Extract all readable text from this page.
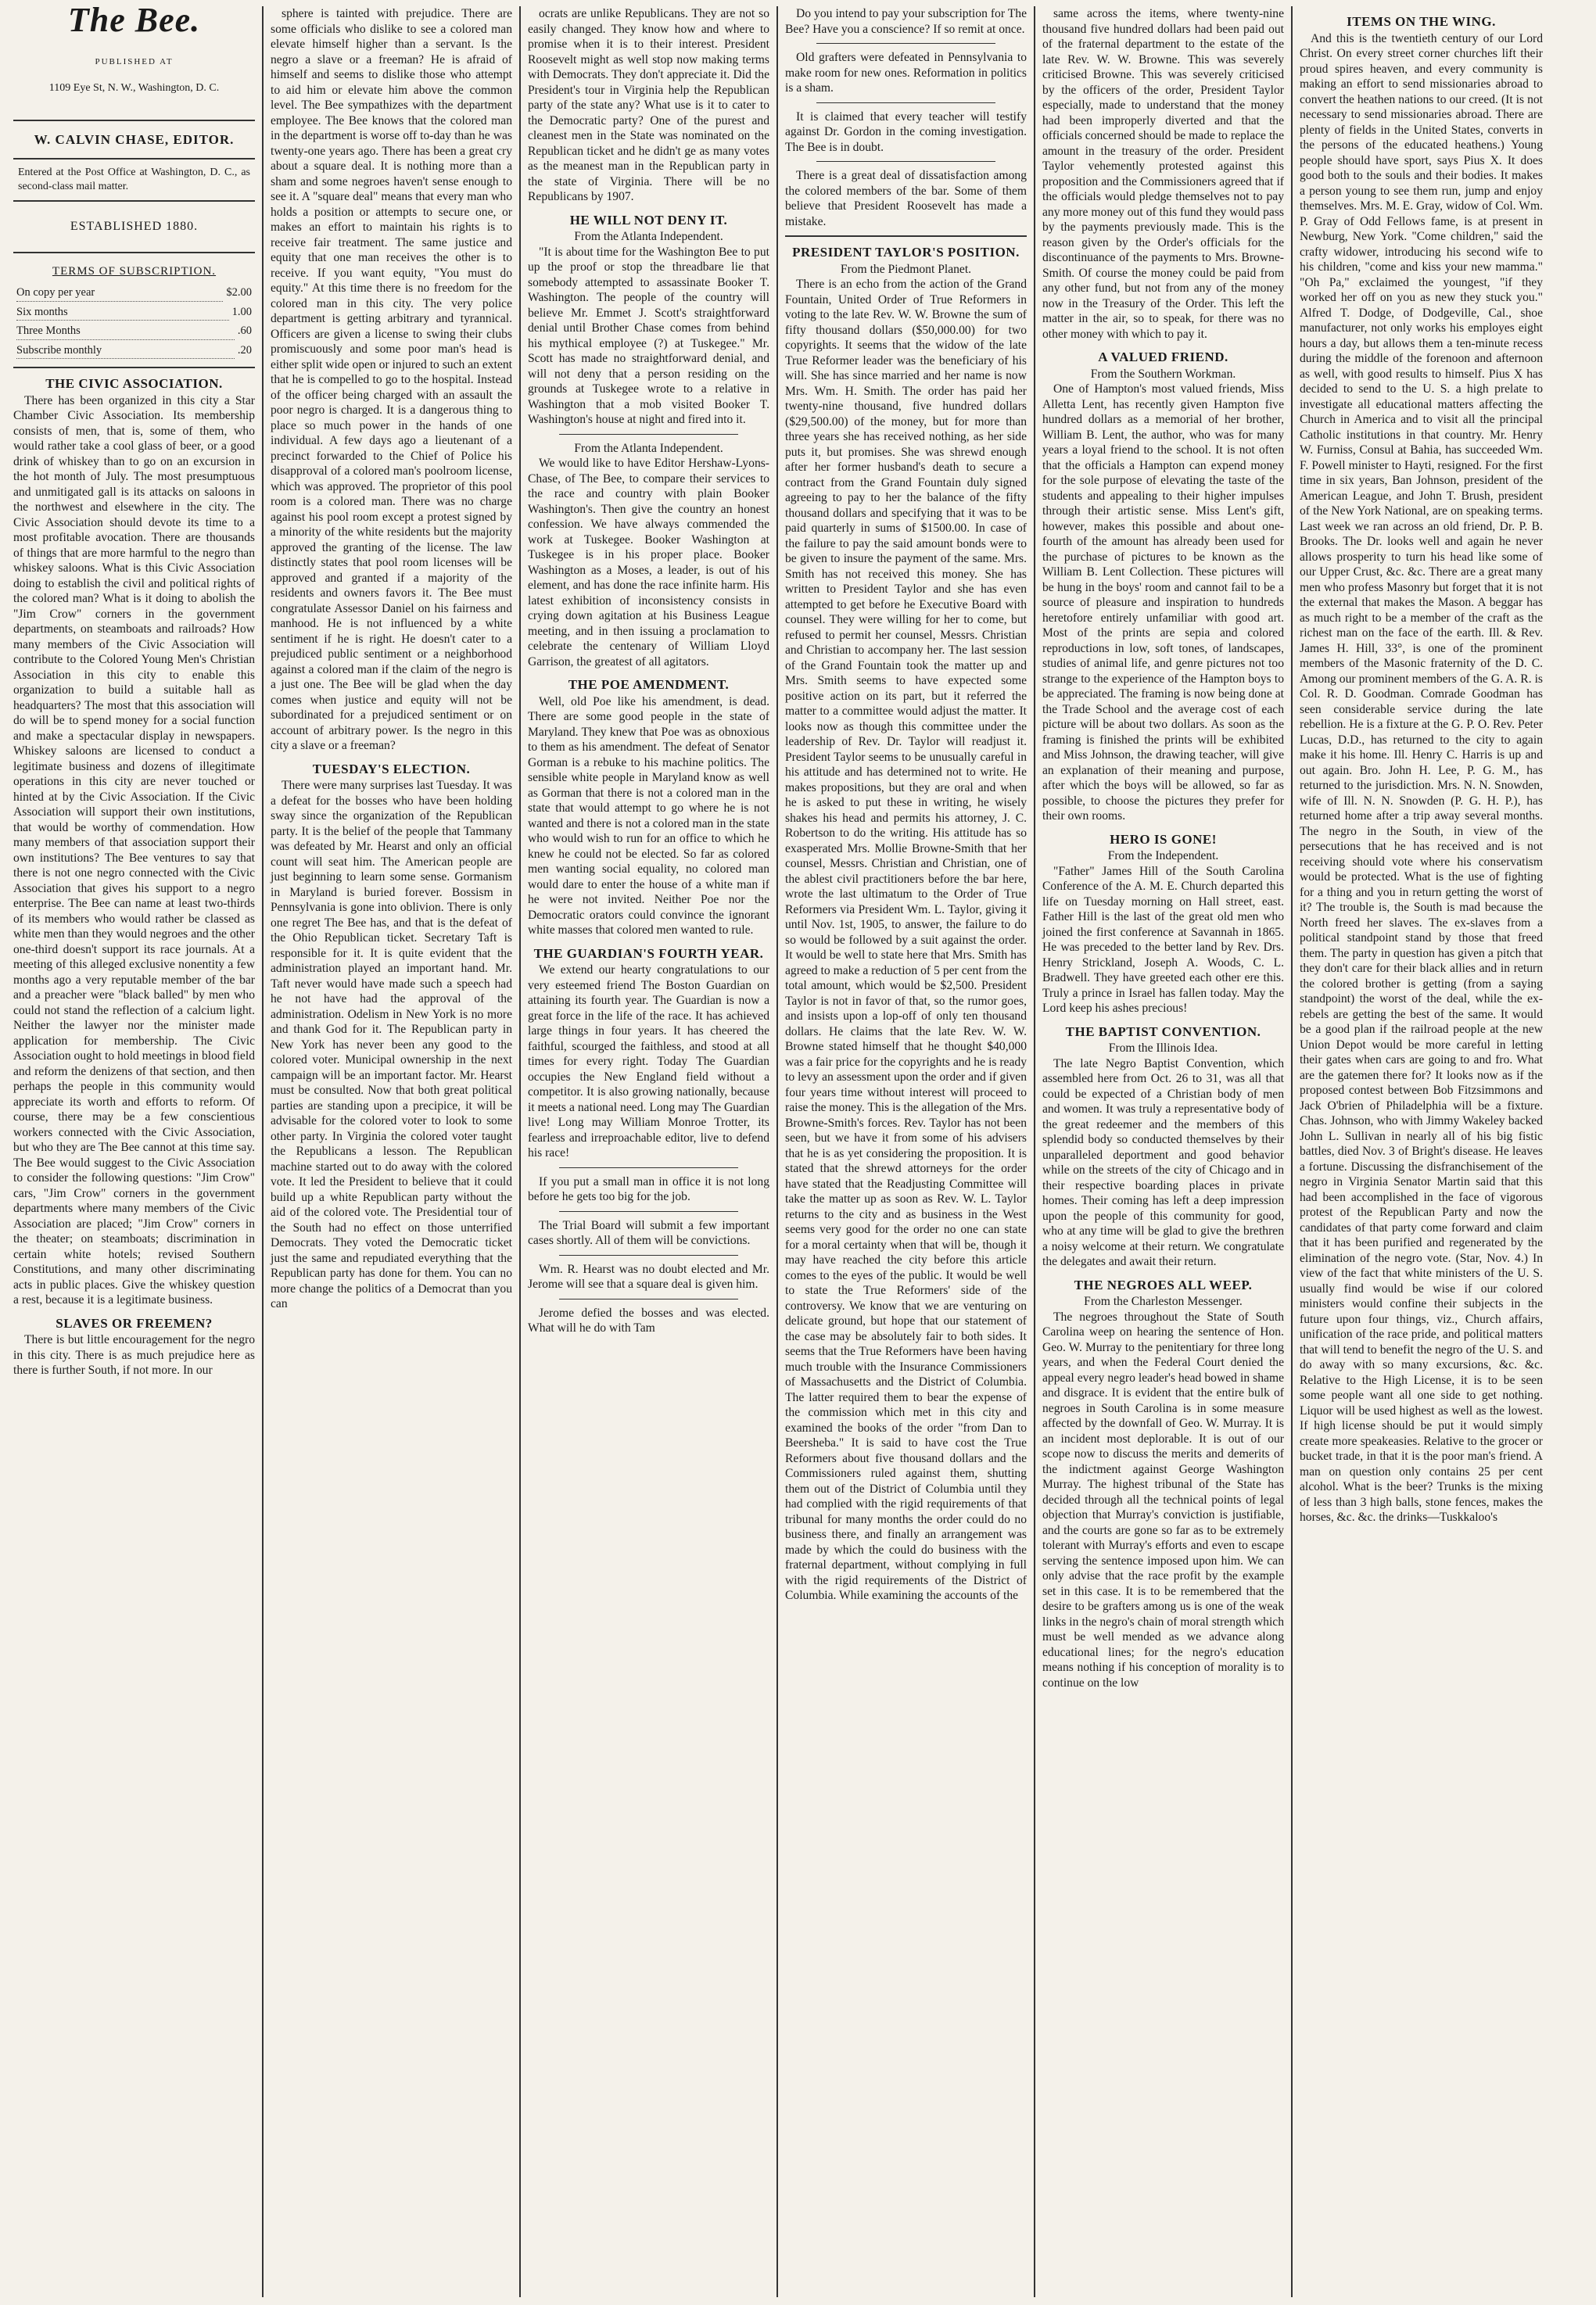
The Bee.
PUBLISHED AT
1109 Eye St, N. W., Washington, D. C.
W. CALVIN CHASE, EDITOR.

Entered at the Post Office at Washington, D. C., as second-class mail matter.

ESTABLISHED 1880.
TERMS OF SUBSCRIPTION.
On copy per year	$2.00
Six months	1.00
Three Months	.60
Subscribe monthly	.20
THE CIVIC ASSOCIATION.

There has been organized in this city a Star Chamber Civic Association. Its membership consists of men, that is, some of them, who would rather take a cool glass of beer, or a good drink of whiskey than to go on an excursion in the hot month of July. The most presumptuous and unmitigated gall is its attacks on saloons in the northwest and elsewhere in the city. The Civic Association should devote its time to a most profitable avocation. There are thousands of things that are more harmful to the negro than whiskey saloons. What is this Civic Association doing to establish the civil and political rights of the colored man? What is it doing to abolish the "Jim Crow" corners in the government departments, on steamboats and railroads? How many members of the Civic Association will contribute to the Colored Young Men's Christian Association in this city to enable this organization to build a suitable hall as headquarters? The most that this association will do will be to spend money for a social function and make a spectacular display in newspapers. Whiskey saloons are licensed to conduct a legitimate business and dozens of illegitimate operations in this city are never touched or hinted at by the Civic Association. If the Civic Association will support their own institutions, that would be worthy of commendation. How many members of that association support their own institutions? The Bee ventures to say that there is not one negro connected with the Civic Association that gives his support to a negro enterprise. The Bee can name at least two-thirds of its members who would rather be classed as white men than they would negroes and the other one-third doesn't support its race journals. At a meeting of this alleged exclusive nonentity a few months ago a very reputable member of the bar and a preacher were "black balled" by men who could not stand the reflection of a calcium light. Neither the lawyer nor the minister made application for membership. The Civic Association ought to hold meetings in blood field and reform the denizens of that section, and then perhaps the people in this community would appreciate its worth and efforts to reform. Of course, there may be a few conscientious workers connected with the Civic Association, but who they are The Bee cannot at this time say. The Bee would suggest to the Civic Association to consider the following questions: "Jim Crow" cars, "Jim Crow" corners in the government departments where many members of the Civic Association are placed; "Jim Crow" corners in the theater; on steamboats; discrimination in certain white hotels; revised Southern Constitutions, and many other discriminating acts in public places. Give the whiskey question a rest, because it is a legitimate business.

SLAVES OR FREEMEN?

There is but little encouragement for the negro in this city. There is as much prejudice here as there is further South, if not more. In our

sphere is tainted with prejudice. There are some officials who dislike to see a colored man elevate himself higher than a servant. Is the negro a slave or a freeman? He is afraid of himself and seems to dislike those who attempt to aid him or elevate him above the common level. The Bee sympathizes with the department employee. The Bee knows that the colored man in the department is worse off to-day than he was twenty-one years ago. There has been a great cry about a square deal. It is nothing more than a sham and some negroes haven't sense enough to see it. A "square deal" means that every man who holds a position or attempts to secure one, or makes an effort to maintain his rights is to receive fair treatment. The same justice and equity that one man receives the other is to receive. If you want equity, "You must do equity." At this time there is no freedom for the colored man in this city. The very police department is getting arbitrary and tyrannical. Officers are given a license to swing their clubs promiscuously and some poor man's head is either split wide open or injured to such an extent that he is compelled to go to the hospital. Instead of the officer being charged with an assault the poor negro is charged. It is a dangerous thing to place so much power in the hands of one individual. A few days ago a lieutenant of a precinct forwarded to the Chief of Police his disapproval of a colored man's poolroom license, which was approved. The proprietor of this pool room is a colored man. There was no charge against his pool room except a protest signed by a minority of the white residents but the majority approved the granting of the license. The law distinctly states that pool room licenses will be approved and granted if a majority of the residents and owners favors it. The Bee must congratulate Assessor Daniel on his fairness and manhood. He is not influenced by a white sentiment if he is right. He doesn't cater to a prejudiced public sentiment or a neighborhood against a colored man if the claim of the negro is a just one. The Bee will be glad when the day comes when justice and equity will not be subordinated for a prejudiced sentiment or on account of arbitrary power. Is the negro in this city a slave or a freeman?

TUESDAY'S ELECTION.

There were many surprises last Tuesday. It was a defeat for the bosses who have been holding sway since the organization of the Republican party. It is the belief of the people that Tammany was defeated by Mr. Hearst and only an official count will seat him. The American people are just beginning to learn some sense. Gormanism in Maryland is buried forever. Bossism in Pennsylvania is gone into oblivion. There is only one regret The Bee has, and that is the defeat of the Ohio Republican ticket. Secretary Taft is responsible for it. It is quite evident that the administration played an important hand. Mr. Taft never would have made such a speech had he not have had the approval of the administration. Odelism in New York is no more and thank God for it. The Republican party in New York has never been any good to the colored voter. Municipal ownership in the next campaign will be an important factor. Mr. Hearst must be consulted. Now that both great political parties are standing upon a precipice, it will be advisable for the colored voter to look to some other party. In Virginia the colored voter taught the Republicans a lesson. The Republican machine started out to do away with the colored vote. It led the President to believe that it could build up a white Republican party without the aid of the colored vote. The Presidential tour of the South had no effect on those unterrified Democrats. They voted the Democratic ticket just the same and repudiated everything that the Republican party has done for them. You can no more change the politics of a Democrat than you can

ocrats are unlike Republicans. They are not so easily changed. They know how and where to promise when it is to their interest. President Roosevelt might as well stop now making terms with Democrats. They don't appreciate it. Did the President's tour in Virginia help the Republican party of the state any? What use is it to cater to the Democratic party? One of the purest and cleanest men in the State was nominated on the Republican ticket and he didn't ge as many votes as the meanest man in the Republican party in the state of Virginia. There will be no Republicans by 1907.

HE WILL NOT DENY IT.

From the Atlanta Independent.

"It is about time for the Washington Bee to put up the proof or stop the threadbare lie that somebody attempted to assassinate Booker T. Washington. The people of the country will believe Mr. Emmet J. Scott's straightforward denial until Brother Chase comes from behind his mythical employee (?) at Tuskegee." Mr. Scott has made no straightforward denial, and will not deny that a person residing on the grounds at Tuskegee wrote to a relative in Washington that a mob visited Booker T. Washington's house at night and fired into it.

From the Atlanta Independent.

We would like to have Editor Hershaw-Lyons-Chase, of The Bee, to compare their services to the race and country with plain Booker Washington's. Then give the country an honest confession. We have always commended the work at Tuskegee. Booker Washington at Tuskegee is in his proper place. Booker Washington as a Moses, a leader, is out of his element, and has done the race infinite harm. His latest exhibition of inconsistency consists in crying down agitation at his Business League meeting, and in then issuing a proclamation to celebrate the centenary of William Lloyd Garrison, the greatest of all agitators.

THE POE AMENDMENT.

Well, old Poe like his amendment, is dead. There are some good people in the state of Maryland. They knew that Poe was as obnoxious to them as his amendment. The defeat of Senator Gorman is a rebuke to his machine politics. The sensible white people in Maryland know as well as Gorman that there is not a colored man in the state that would attempt to go where he is not wanted and there is not a colored man in the state who would wish to run for an office to which he knew he could not be elected. So far as colored men wanting social equality, no colored man would dare to enter the house of a white man if he were not invited. Neither Poe nor the Democratic orators could convince the ignorant white masses that colored men wanted to rule.

THE GUARDIAN'S FOURTH YEAR.

We extend our hearty congratulations to our very esteemed friend The Boston Guardian on attaining its fourth year. The Guardian is now a great force in the life of the race. It has achieved large things in four years. It has cheered the faithful, scourged the faithless, and stood at all times for every right. Today The Guardian occupies the New England field without a competitor. It is also growing nationally, because it meets a national need. Long may The Guardian live! Long may William Monroe Trotter, its fearless and irreproachable editor, live to defend his race!

If you put a small man in office it is not long before he gets too big for the job.

The Trial Board will submit a few important cases shortly. All of them will be convictions.

Wm. R. Hearst was no doubt elected and Mr. Jerome will see that a square deal is given him.

Jerome defied the bosses and was elected. What will he do with Tam

Do you intend to pay your subscription for The Bee? Have you a conscience? If so remit at once.

Old grafters were defeated in Pennsylvania to make room for new ones. Reformation in politics is a sham.

It is claimed that every teacher will testify against Dr. Gordon in the coming investigation. The Bee is in doubt.

There is a great deal of dissatisfaction among the colored members of the bar. Some of them believe that President Roosevelt has made a mistake.

PRESIDENT TAYLOR'S POSITION.

From the Piedmont Planet.

There is an echo from the action of the Grand Fountain, United Order of True Reformers in voting to the late Rev. W. W. Browne the sum of fifty thousand dollars ($50,000.00) for two copyrights. It seems that the widow of the late True Reformer leader was the beneficiary of his will. She has since married and her name is now Mrs. Wm. H. Smith. The order has paid her twenty-nine thousand, five hundred dollars ($29,500.00) of the money, but for more than three years she has received nothing, as her side puts it, but promises. She was shrewd enough after her former husband's death to secure a contract from the Grand Fountain duly signed agreeing to pay to her the balance of the fifty thousand dollars and specifying that it was to be paid quarterly in sums of $1500.00. In case of the failure to pay the said amount bonds were to be given to insure the payment of the same. Mrs. Smith has not received this money. She has written to President Taylor and she has even attempted to get before he Executive Board with counsel. They were willing for her to come, but refused to permit her counsel, Messrs. Christian and Christian to accompany her. The last session of the Grand Fountain took the matter up and Mrs. Smith seems to have expected some positive action on its part, but it referred the matter to a committee would adjust the matter. It looks now as though this committee under the leadership of Rev. Dr. Taylor will readjust it. President Taylor seems to be unusually careful in his attitude and has determined not to write. He makes propositions, but they are oral and when he is asked to put these in writing, he wisely shakes his head and permits his attorney, J. C. Robertson to do the writing. His attitude has so exasperated Mrs. Mollie Browne-Smith that her counsel, Messrs. Christian and Christian, one of the ablest civil practitioners before the bar here, wrote the last ultimatum to the Order of True Reformers via President Wm. L. Taylor, giving it until Nov. 1st, 1905, to answer, the failure to do so would be followed by a suit against the order. It would be well to state here that Mrs. Smith has agreed to make a reduction of 5 per cent from the total amount, which would be $2,500. President Taylor is not in favor of that, so the rumor goes, and insists upon a lop-off of only ten thousand dollars. He claims that the late Rev. W. W. Browne stated himself that he thought $40,000 was a fair price for the copyrights and he is ready to levy an assessment upon the order and if given four years time without interest will proceed to raise the money. This is the allegation of the Mrs. Browne-Smith's forces. Rev. Taylor has not been seen, but we have it from some of his advisers that he is as yet considering the proposition. It is stated that the shrewd attorneys for the order have stated that the Readjusting Committee will take the matter up as soon as Rev. W. L. Taylor returns to the city and as business in the West seems very good for the order no one can state for a moral certainty when that will be, though it may have reached the city before this article comes to the eyes of the public. It would be well to state the True Reformers' side of the controversy. We know that we are venturing on delicate ground, but hope that our statement of the case may be absolutely fair to both sides. It seems that the True Reformers have been having much trouble with the Insurance Commissioners of Massachusetts and the District of Columbia. The latter required them to bear the expense of the commission which met in this city and examined the books of the order "from Dan to Beersheba." It is said to have cost the True Reformers about five thousand dollars and the Commissioners ruled against them, shutting them out of the District of Columbia until they had complied with the rigid requirements of that tribunal for many months the order could do no business there, and finally an arrangement was made by which the could do business with the fraternal department, without complying in full with the rigid requirements of the District of Columbia. While examining the accounts of the

same across the items, where twenty-nine thousand five hundred dollars had been paid out of the fraternal department to the estate of the late Rev. W. W. Browne. This was severely criticised Browne. This was severely criticised by the officers of the order, President Taylor especially, made to understand that the money had been improperly diverted and that the officials concerned should be made to replace the amount in the treasury of the order. President Taylor vehemently protested against this proposition and the Commissioners agreed that if the officials would pledge themselves not to pay any more money out of this fund they would pass by the payments previously made. This is the reason given by the Order's officials for the discontinuance of the payments to Mrs. Browne-Smith. Of course the money could be paid from any other fund, but not from any of the money now in the Treasury of the Order. This left the matter in the air, so to speak, for there was no other money with which to pay it.

A VALUED FRIEND.

From the Southern Workman.

One of Hampton's most valued friends, Miss Alletta Lent, has recently given Hampton five hundred dollars as a memorial of her brother, William B. Lent, the author, who was for many years a loyal friend to the school. It is not often that the officials a Hampton can expend money for the sole purpose of elevating the taste of the students and appealing to their higher impulses through their artistic sense. Miss Lent's gift, however, makes this possible and about one-fourth of the amount has already been used for the purchase of pictures to be known as the William B. Lent Collection. These pictures will be hung in the boys' room and cannot fail to be a source of pleasure and inspiration to hundreds heretofore entirely unfamiliar with good art. Most of the prints are sepia and colored reproductions in low, soft tones, of landscapes, studies of animal life, and genre pictures not too strange to the experience of the Hampton boys to be appreciated. The framing is now being done at the Trade School and the average cost of each picture will be about two dollars. As soon as the framing is finished the prints will be exhibited and Miss Johnson, the drawing teacher, will give an explanation of their meaning and purpose, after which the boys will be allowed, so far as possible, to choose the pictures they prefer for their own rooms.

HERO IS GONE!

From the Independent.

"Father" James Hill of the South Carolina Conference of the A. M. E. Church departed this life on Tuesday morning on Hall street, east. Father Hill is the last of the great old men who joined the first conference at Savannah in 1865. He was preceded to the better land by Rev. Drs. Henry Strickland, Joseph A. Woods, C. L. Bradwell. They have greeted each other ere this. Truly a prince in Israel has fallen today. May the Lord keep his ashes precious!

THE BAPTIST CONVENTION.

From the Illinois Idea.

The late Negro Baptist Convention, which assembled here from Oct. 26 to 31, was all that could be expected of a Christian body of men and women. It was truly a representative body of the great redeemer and the members of this splendid body so conducted themselves by their unparalleled deportment and good behavior while on the streets of the city of Chicago and in their respective boarding places in private homes. Their coming has left a deep impression upon the people of this community for good, who at any time will be glad to give the brethren a noisy welcome at their return. We congratulate the delegates and await their return.

THE NEGROES ALL WEEP.

From the Charleston Messenger.

The negroes throughout the State of South Carolina weep on hearing the sentence of Hon. Geo. W. Murray to the penitentiary for three long years, and when the Federal Court denied the appeal every negro leader's head bowed in shame and disgrace. It is evident that the entire bulk of negroes in South Carolina is in some measure affected by the downfall of Geo. W. Murray. It is an incident most deplorable. It is out of our scope now to discuss the merits and demerits of the indictment against George Washington Murray. The highest tribunal of the State has decided through all the technical points of legal objection that Murray's conviction is justifiable, and the courts are gone so far as to be extremely tolerant with Murray's efforts and even to escape serving the sentence imposed upon him. We can only advise that the race profit by the example set in this case. It is to be remembered that the desire to be grafters among us is one of the weak links in the negro's chain of moral strength which must be well mended as we advance along educational lines; for the negro's education means nothing if his conception of morality is to continue on the low

ITEMS ON THE WING.

And this is the twentieth century of our Lord Christ. On every street corner churches lift their proud spires heaven, and every community is making an effort to send missionaries abroad to convert the heathen nations to our creed. (It is not necessary to send missionaries abroad. There are plenty of fields in the United States, converts in the persons of the educated heathens.) Young people should have sport, says Pius X. It does good both to the souls and their bodies. It makes a person young to see them run, jump and enjoy themselves. Mrs. M. E. Gray, widow of Col. Wm. P. Gray of Odd Fellows fame, is at present in Newburg, New York. "Come children," said the crafty widower, introducing his second wife to his children, "come and kiss your new mamma." "Oh Pa," exclaimed the youngest, "if they worked her off on you as new they stuck you." Alfred T. Dodge, of Dodgeville, Cal., shoe manufacturer, not only works his employes eight hours a day, but allows them a ten-minute recess during the middle of the forenoon and afternoon as well, with good results to himself. Pius X has decided to send to the U. S. a high prelate to investigate all educational matters affecting the Church in America and to visit all the principal Catholic institutions in that country. Mr. Henry W. Furniss, Consul at Bahia, has succeeded Wm. F. Powell minister to Hayti, resigned. For the first time in six years, Ban Johnson, president of the American League, and John T. Brush, president of the New York National, are on speaking terms. Last week we ran across an old friend, Dr. P. B. Brooks. The Dr. looks well and again he never allows prosperity to turn his head like some of our Upper Crust, &c. &c. There are a great many men who profess Masonry but forget that it is not the external that makes the Mason. A beggar has as much right to be a member of the craft as the richest man on the face of the earth. Ill. & Rev. James H. Hill, 33°, is one of the prominent members of the Masonic fraternity of the D. C. Among our prominent members of the G. A. R. is Col. R. D. Goodman. Comrade Goodman has seen considerable service during the late rebellion. He is a fixture at the G. P. O. Rev. Peter Lucas, D.D., has returned to the city to again make it his home. Ill. Henry C. Harris is up and out again. Bro. John H. Lee, P. G. M., has returned to the jurisdiction. Mrs. N. N. Snowden, wife of Ill. N. N. Snowden (P. G. H. P.), has returned home after a trip away several months. The negro in the South, in view of the persecutions that he has received and is not receiving should vote where his conservatism would be protected. What is the use of fighting for a thing and you in return getting the worst of it? The trouble is, the South is mad because the North freed her slaves. The ex-slaves from a political standpoint stand by those that freed them. The party in question has given a pitch that they don't care for their black allies and in return the colored brother is getting (from a saying standpoint) the worst of the deal, while the ex-rebels are getting the best of the same. It would be a good plan if the railroad people at the new Union Depot would be more careful in letting their gates when cars are going to and fro. What are the gatemen there for? It looks now as if the proposed contest between Bob Fitzsimmons and Jack O'brien of Philadelphia will be a fixture. Chas. Johnson, who with Jimmy Wakeley backed John L. Sullivan in nearly all of his big fistic battles, died Nov. 3 of Bright's disease. He leaves a fortune. Discussing the disfranchisement of the negro in Virginia Senator Martin said that this had been accomplished in the face of vigorous protest of the Republican Party and now the candidates of that party come forward and claim that it has been purified and regenerated by the elimination of the negro vote. (Star, Nov. 4.) In view of the fact that white ministers of the U. S. usually find would be wise if our colored ministers would confine their subjects in the future upon four things, viz., Church affairs, unification of the race pride, and political matters that will tend to benefit the negro of the U. S. and do away with so many excursions, &c. &c. Relative to the High License, it is to be seen some people want all one side to get nothing. Liquor will be used highest as well as the lowest. If high license should be put it would simply create more speakeasies. Relative to the grocer or bucket trade, in that it is the poor man's friend. A man on question only contains 25 per cent alcohol. What is the beer? Trunks is the mixing of less than 3 high balls, stone fences, makes the horses, &c. &c. the drinks—Tuskkaloo's
